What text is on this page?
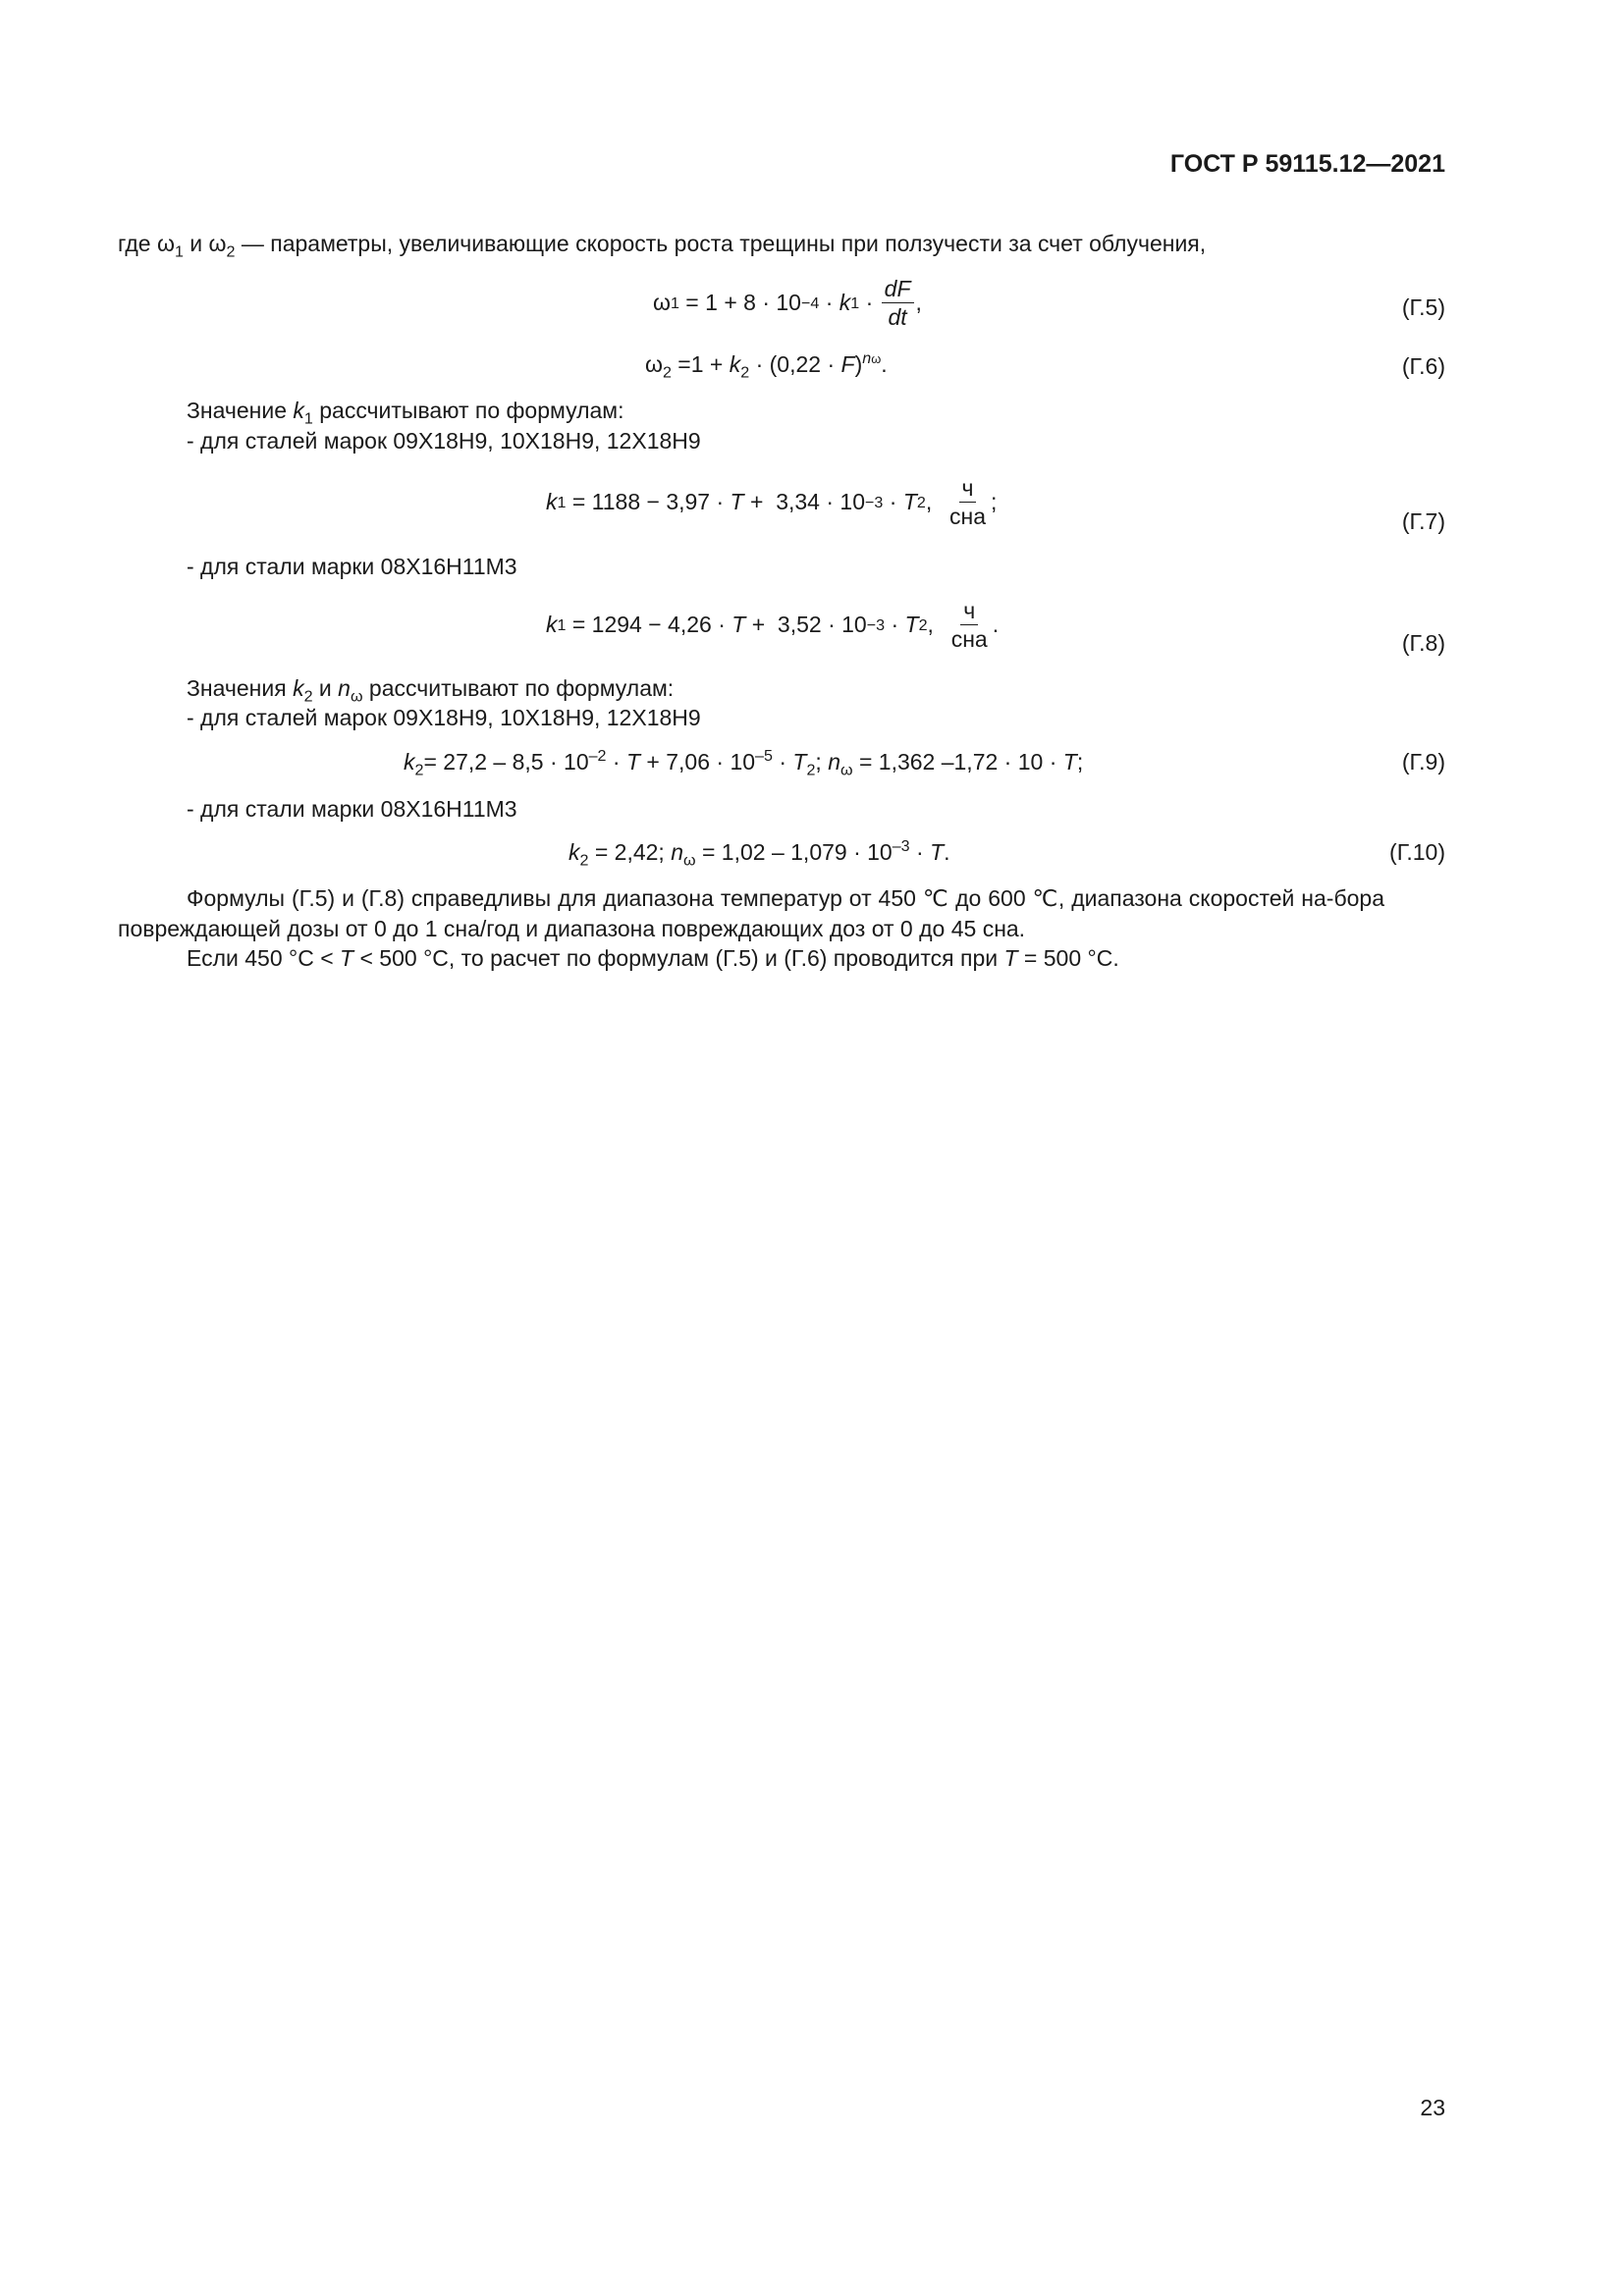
ГОСТ Р 59115.12—2021
где $\omega_1$ и $\omega_2$ — параметры, увеличивающие скорость роста трещины при ползучести за счет облучения,
ω 1 = 1 + 8 · 10 −4 · k $1 \cdot \frac{dF}{dt}$ ,	(Г.5)
$\omega_2 =1 + k_2 \cdot (0,22 \cdot F)^{n\omega}$.	(Г.6)
Значение $k_1$ рассчитывают по формулам:
- для сталей марок 09Х18Н9, 10Х18Н9, 12Х18Н9
k 1 = 1188 − 3,97 · T +  3,34 · 10 −3 · T 2 , $\frac{ч}{\text{сна}}$ ;
(Г.7)
- для стали марки 08Х16Н11М3
k 1 = 1294 − 4,26 · T +  3,52 · 10 −3 · T 2 , $\frac{ч}{\text{сна}}$ .
(Г.8)
Значения $k_2$ и $n_\omega$ рассчитывают по формулам:
- для сталей марок 09Х18Н9, 10Х18Н9, 12Х18Н9
$k_2= 27,2 - 8,5 \cdot 10^{-2} \cdot T + 7,06 \cdot 10^{-5} \cdot T_2$; $n_\omega = 1,362$ –1,72 · 10 · T;	(Г.9)
- для стали марки 08Х16Н11М3
$k_2 = 2,42$; $n_\omega = 1,02 - 1,079 \cdot 10^{-3} \cdot T$.	(Г.10)
Формулы (Г.5) и (Г.8) справедливы для диапазона температур от 450 ℃ до 600 ℃, диапазона скоростей на-бора повреждающей дозы от 0 до 1 сна/год и диапазона повреждающих доз от 0 до 45 сна.
Если 450 °С < T < 500 °С, то расчет по формулам (Г.5) и (Г.6) проводится при T = 500 °С.
23
